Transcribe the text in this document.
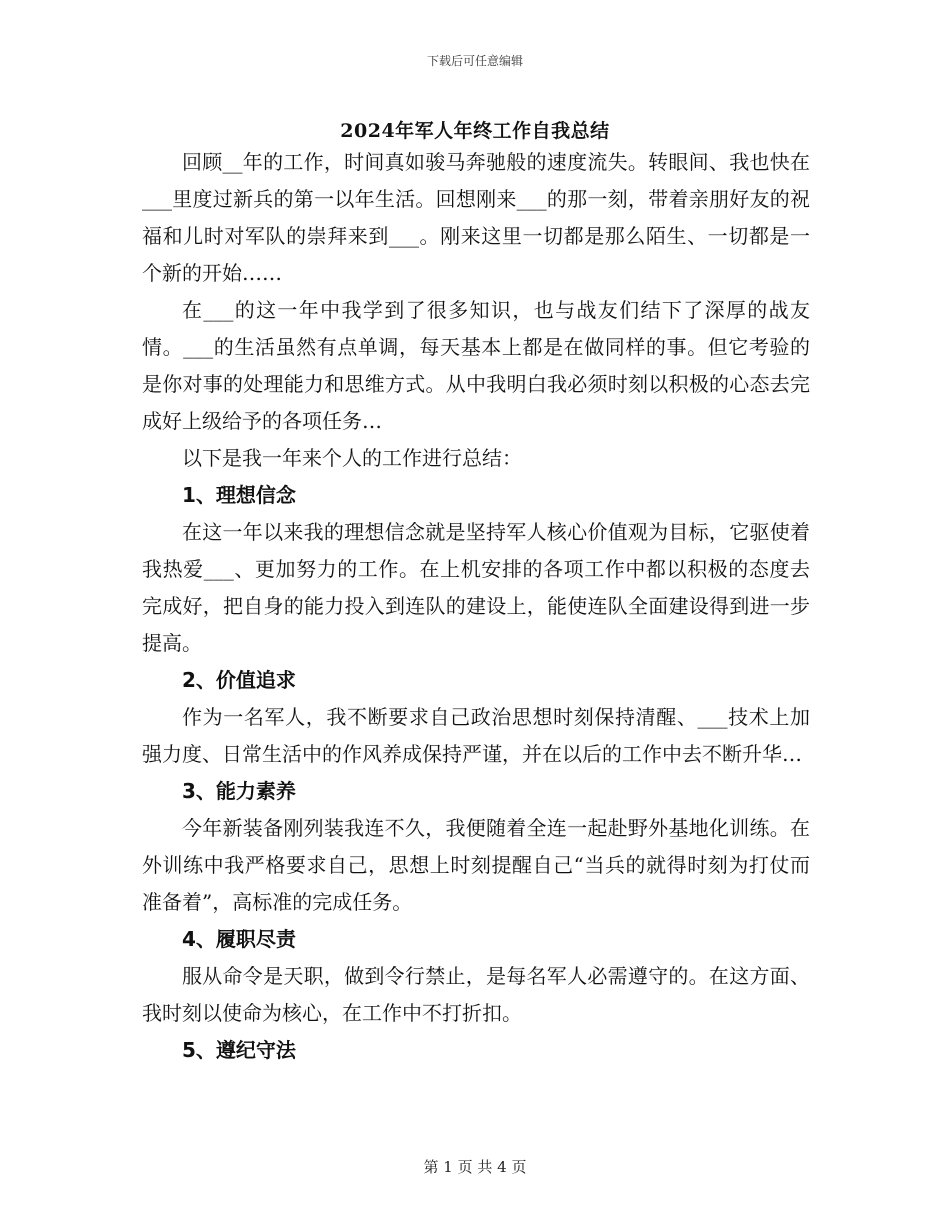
下载后可任意编辑
2024年军人年终工作自我总结

回顾__年的工作，时间真如骏马奔驰般的速度流失。转眼间、我也快在___里度过新兵的第一以年生活。回想刚来___的那一刻，带着亲朋好友的祝福和儿时对军队的崇拜来到___。刚来这里一切都是那么陌生、一切都是一个新的开始……

在___的这一年中我学到了很多知识，也与战友们结下了深厚的战友情。___的生活虽然有点单调，每天基本上都是在做同样的事。但它考验的是你对事的处理能力和思维方式。从中我明白我必须时刻以积极的心态去完成好上级给予的各项任务…

以下是我一年来个人的工作进行总结：

1、理想信念

在这一年以来我的理想信念就是坚持军人核心价值观为目标，它驱使着我热爱___、更加努力的工作。在上机安排的各项工作中都以积极的态度去完成好，把自身的能力投入到连队的建设上，能使连队全面建设得到进一步提高。

2、价值追求

作为一名军人，我不断要求自己政治思想时刻保持清醒、___技术上加强力度、日常生活中的作风养成保持严谨，并在以后的工作中去不断升华…

3、能力素养

今年新装备刚列装我连不久，我便随着全连一起赴野外基地化训练。在外训练中我严格要求自己，思想上时刻提醒自己“当兵的就得时刻为打仗而准备着”，高标准的完成任务。

4、履职尽责

服从命令是天职，做到令行禁止，是每名军人必需遵守的。在这方面、我时刻以使命为核心，在工作中不打折扣。

5、遵纪守法

第 1 页 共 4 页
